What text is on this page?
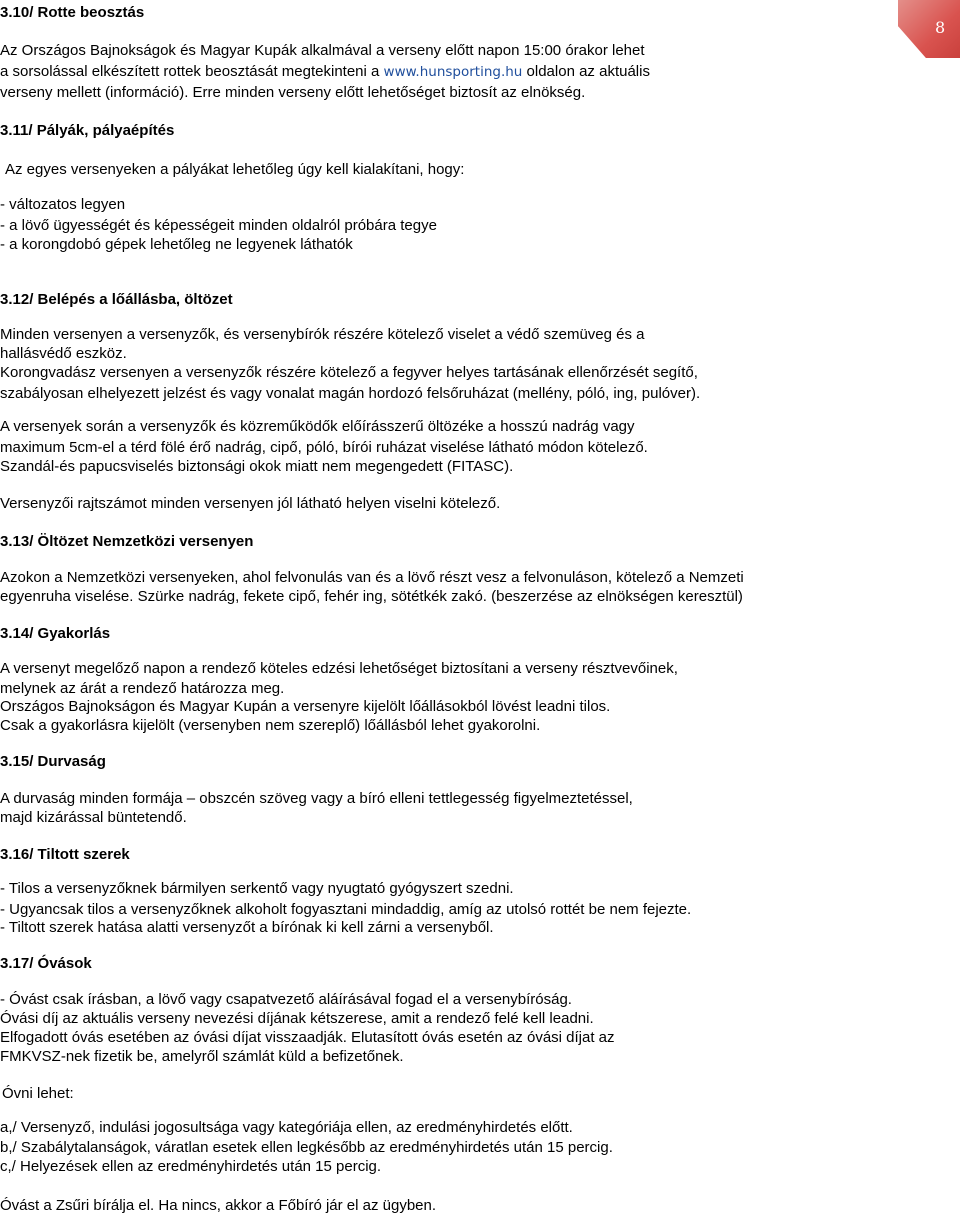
8
3.10/ Rotte beosztás
Az Országos Bajnokságok és Magyar Kupák alkalmával a verseny előtt napon 15:00 órakor lehet
a sorsolással elkészített rottek beosztását megtekinteni a www.hunsporting.hu oldalon az aktuális
verseny mellett (információ). Erre minden verseny előtt lehetőséget biztosít az elnökség.
3.11/ Pályák, pályaépítés
Az egyes versenyeken a pályákat lehetőleg úgy kell kialakítani, hogy:
- változatos legyen
- a lövő ügyességét és képességeit minden oldalról próbára tegye
- a korongdobó gépek lehetőleg ne legyenek láthatók
3.12/ Belépés a lőállásba, öltözet
Minden versenyen a versenyzők, és versenybírók részére kötelező viselet a védő szemüveg és a
hallásvédő eszköz.
Korongvadász versenyen a versenyzők részére kötelező a fegyver helyes tartásának ellenőrzését segítő,
szabályosan elhelyezett jelzést és vagy vonalat magán hordozó felsőruházat (mellény, póló, ing, pulóver).
A versenyek során a versenyzők és közreműködők előírásszerű öltözéke a hosszú nadrág vagy
maximum 5cm-el a térd fölé érő nadrág, cipő, póló, bírói ruházat viselése látható módon kötelező.
Szandál-és papucsviselés biztonsági okok miatt nem megengedett (FITASC).
Versenyzői rajtszámot minden versenyen jól látható helyen viselni kötelező.
3.13/ Öltözet Nemzetközi versenyen
Azokon a Nemzetközi versenyeken, ahol felvonulás van és a lövő részt vesz a felvonuláson, kötelező a Nemzeti
egyenruha viselése. Szürke nadrág, fekete cipő, fehér ing, sötétkék zakó. (beszerzése az elnökségen keresztül)
3.14/ Gyakorlás
A versenyt megelőző napon a rendező köteles edzési lehetőséget biztosítani a verseny résztvevőinek,
melynek az árát a rendező határozza meg.
Országos Bajnokságon és Magyar Kupán a versenyre kijelölt lőállásokból lövést leadni tilos.
Csak a gyakorlásra kijelölt (versenyben nem szereplő) lőállásból lehet gyakorolni.
3.15/ Durvaság
A durvaság minden formája – obszcén szöveg vagy a bíró elleni tettlegesség figyelmeztetéssel,
majd kizárással büntetendő.
3.16/ Tiltott szerek
- Tilos a versenyzőknek bármilyen serkentő vagy nyugtató gyógyszert szedni.
- Ugyancsak tilos a versenyzőknek alkoholt fogyasztani mindaddig, amíg az utolsó rottét be nem fejezte.
- Tiltott szerek hatása alatti versenyzőt a bírónak ki kell zárni a versenyből.
3.17/ Óvások
- Óvást csak írásban, a lövő vagy csapatvezető aláírásával fogad el a versenybíróság.
Óvási díj az aktuális verseny nevezési díjának kétszerese, amit a rendező felé kell leadni.
Elfogadott óvás esetében az óvási díjat visszaadják. Elutasított óvás esetén az óvási díjat az
FMKVSZ-nek fizetik be, amelyről számlát küld a befizetőnek.
Óvni lehet:
a,/ Versenyző, indulási jogosultsága vagy kategóriája ellen, az eredményhirdetés előtt.
b,/ Szabálytalanságok, váratlan esetek ellen legkésőbb az eredményhirdetés után 15 percig.
c,/ Helyezések ellen az eredményhirdetés után 15 percig.
Óvást a Zsűri bírálja el. Ha nincs, akkor a Főbíró jár el az ügyben.
